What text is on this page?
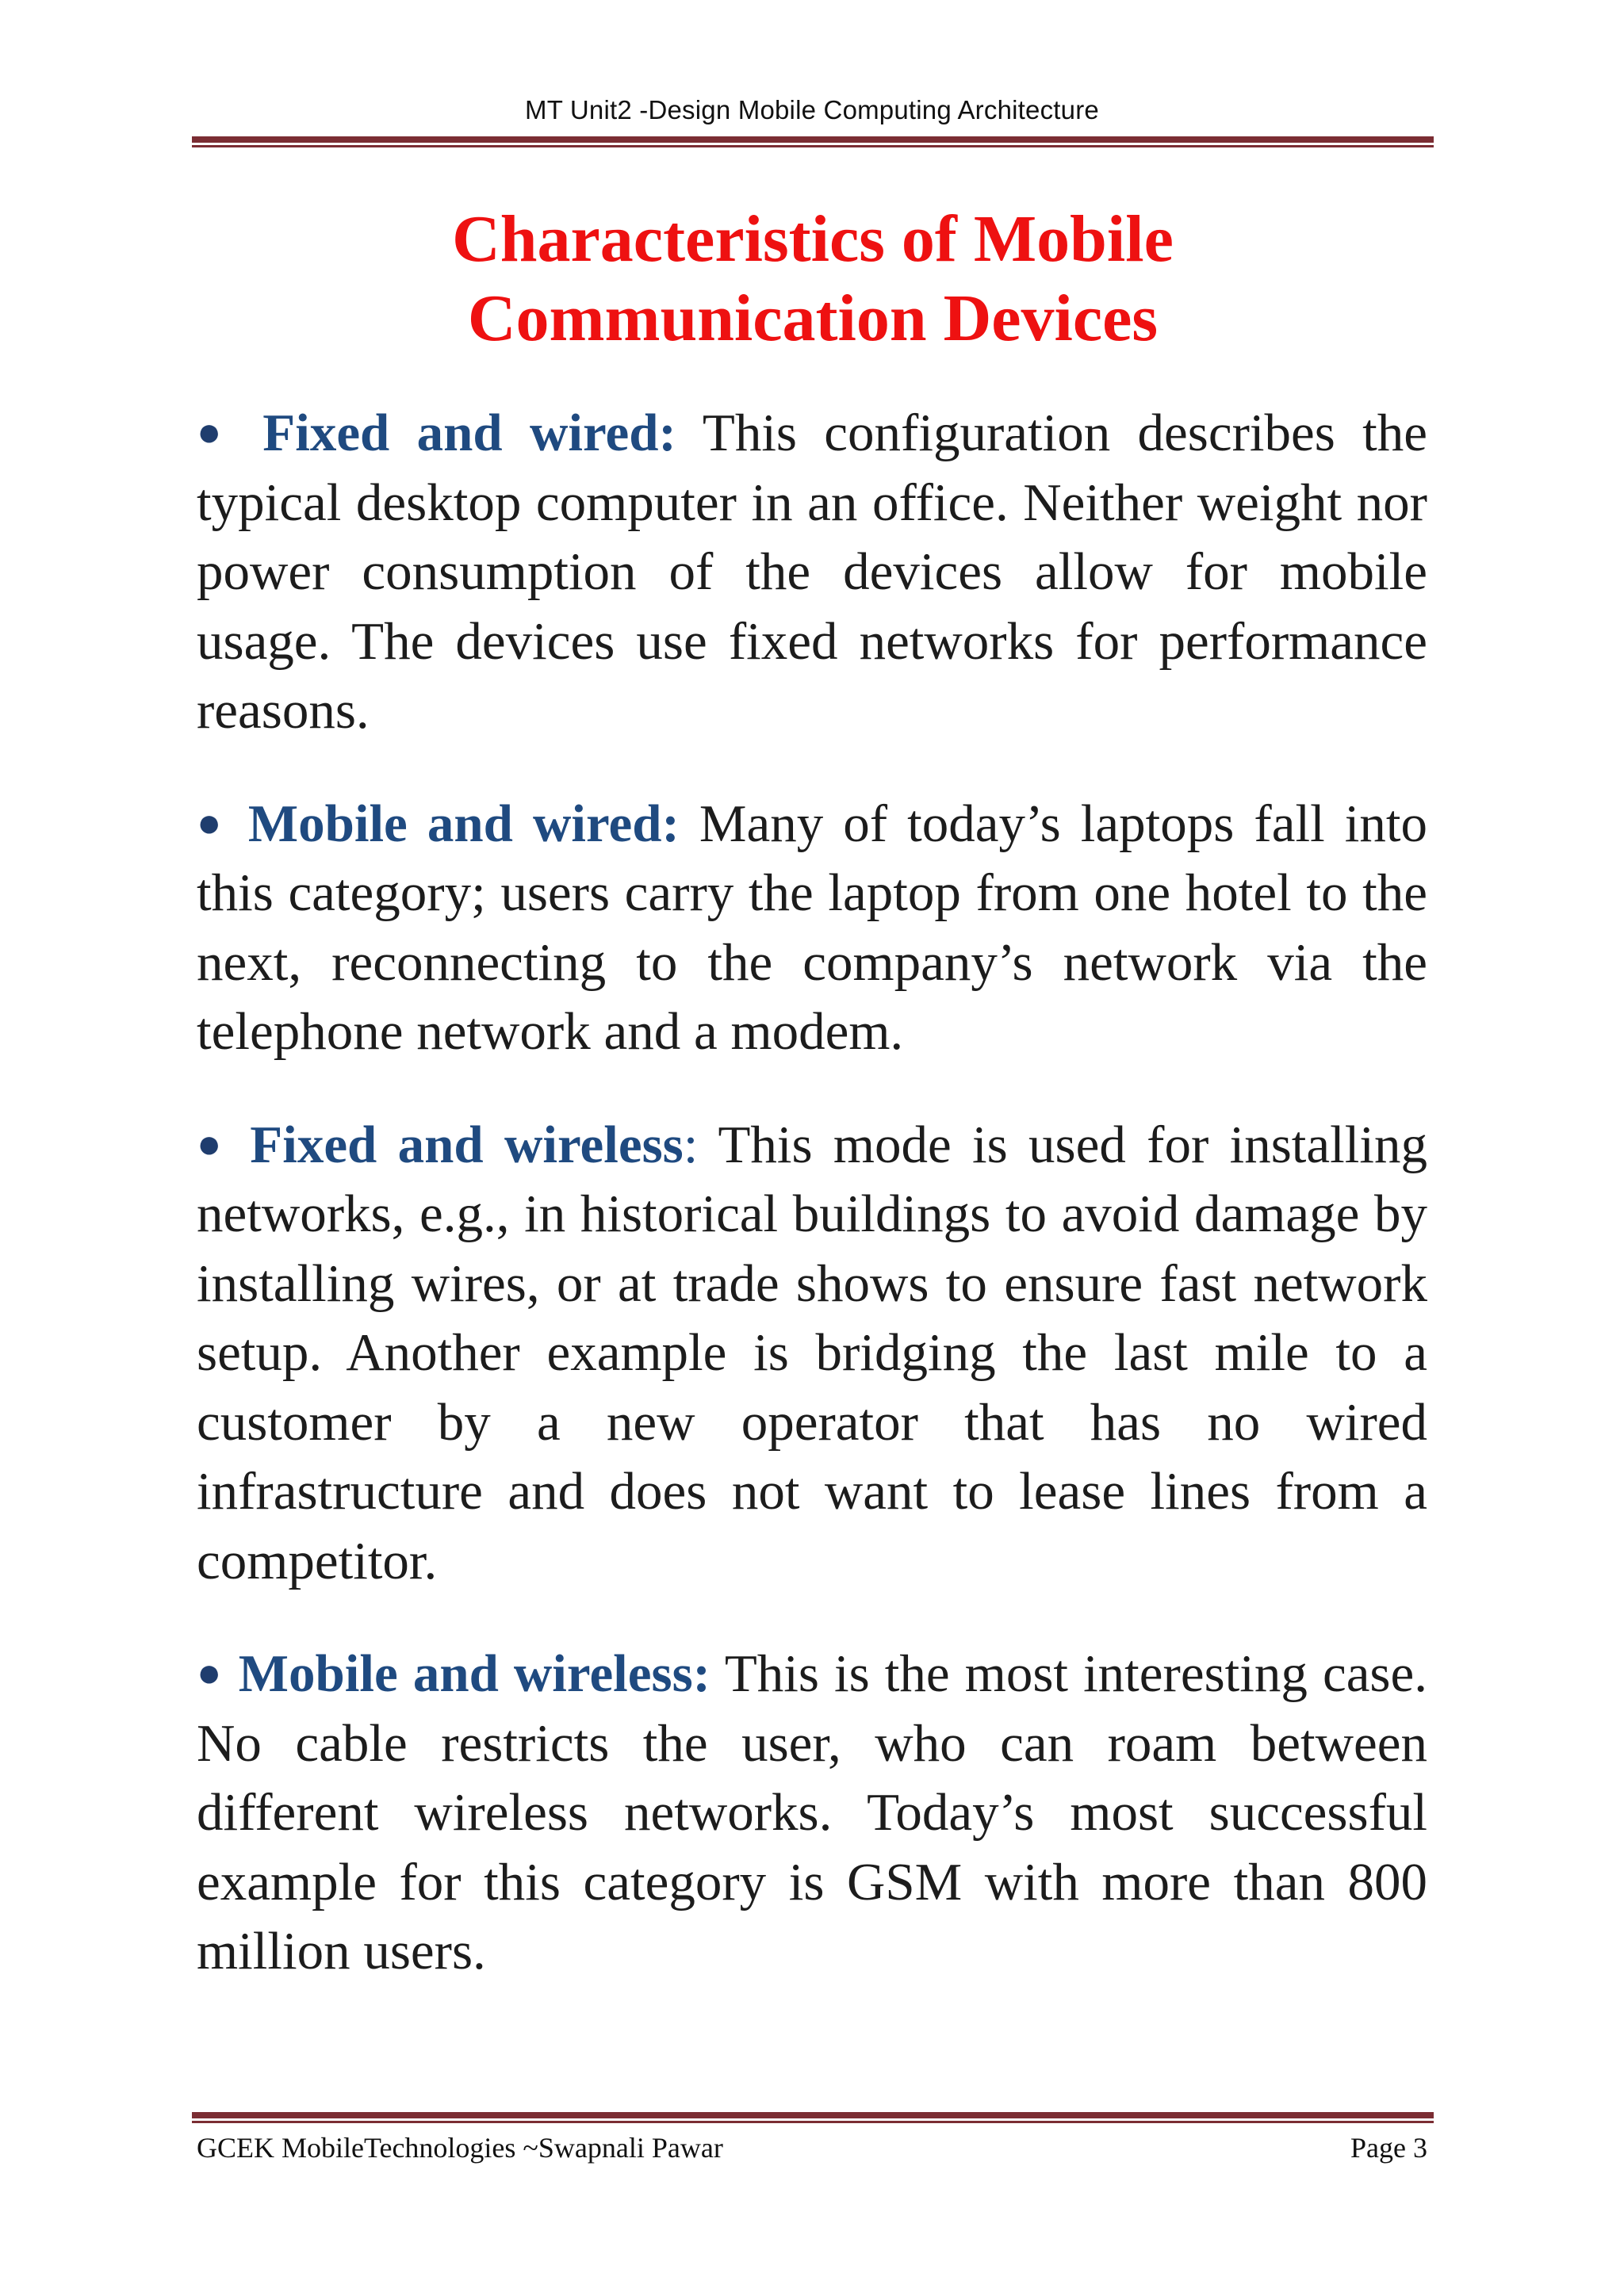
MT Unit2 -Design Mobile Computing Architecture
Characteristics of Mobile
Communication Devices

● Fixed and wired: This configuration describes the typical desktop computer in an office. Neither weight nor power consumption of the devices allow for mobile usage. The devices use fixed networks for performance reasons.

● Mobile and wired: Many of today’s laptops fall into this category; users carry the laptop from one hotel to the next, reconnecting to the company’s network via the telephone network and a modem.

● Fixed and wireless: This mode is used for installing networks, e.g., in historical buildings to avoid damage by installing wires, or at trade shows to ensure fast network setup. Another example is bridging the last mile to a customer by a new operator that has no wired infrastructure and does not want to lease lines from a competitor.

● Mobile and wireless: This is the most interesting case. No cable restricts the user, who can roam between different wireless networks. Today’s most successful example for this category is GSM with more than 800 million users.

GCEK MobileTechnologies ~Swapnali Pawar	Page 3
